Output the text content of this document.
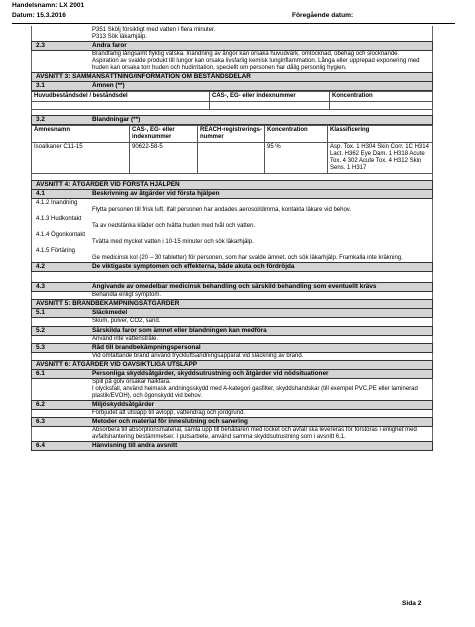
Handelsnamn: LX 2001
Datum: 15.3.2016	Föregående datum:
P351 Skölj försiktigt med vatten i flera minuter.
P313 Sök läkarhjälp.
2.3	Andra faror
Brandfarlig långsamt flyktig vätska. Inandning av ångor kan orsaka huvudvärk, omtöcknad, obehag och slocknande. Aspiration av svalde produkt till lungor kan orsaka livsfarlig kemisk lunginflammation. Långa eller upprepad exponering med huden kan orsaka torr huden och hudirritation, speciellt om personen har dålig personlig hygien.
AVSNITT 3: SAMMANSÄTTNING/INFORMATION OM BESTÅNDSDELAR
3.1	Ämnen (**)
Huvudbeståndsdel / beståndsdel	CAS-, EG- eller indexnummer	Koncentration

3.2	Blandningar (**)
Ämnesnamn	CAS-, EG- eller indexnummer	REACH-registrerings-nummer	Koncentration	Klassificering
Isoalkaner C11-15	90622-58-5		95 %	Asp. Tox. 1 H304 Skin Corr. 1C H314 Lact. H362 Eye Dam. 1 H318 Acute Tox. 4 302 Acute Tox. 4 H312 Skin Sens. 1 H317
AVSNITT 4: ÅTGÄRDER VID FÖRSTA HJÄLPEN
4.1	Beskrivning av åtgärder vid första hjälpen
4.1.2 Inandning
Flytta personen till frisk luft. Ifall personen har andades aerosol/dimma, kontakta läkare vid behov.
4.1.3 Hudkontakt
Ta av nedstänka kläder och tvätta huden med tvål och vatten.
4.1.4 Ögonkontakt
Tvätta med mycket vatten i 10-15 minuter och sök läkarhjälp.
4.1.5 Förtäring
Ge medicinsk kol (20 – 30 tabletter) för personen, som har svalde ämnet, och sök läkarhjälp. Framkalla inte kräkning.
4.2	De viktigaste symptomen och effekterna, både akuta och fördröjda
4.3	Angivande av omedelbar medicinsk behandling och särskild behandling som eventuellt krävs
Behandla enligt symptom.
AVSNITT 5: BRANDBEKÄMPNINGSÅTGÄRDER
5.1	Släckmedel
Skum, pulver, CO2, sand.
5.2	Särskilda faror som ämnet eller blandningen kan medföra
Använd inte vattenstråle.
5.3	Råd till brandbekämpningspersonal
Vid omfattande brand använd tryckluftsandningsapparat vid släckning av brand.
AVSNITT 6: ÅTGÄRDER VID OAVSIKTLIGA UTSLÄPP
6.1	Personliga skyddsåtgärder, skyddsutrustning och åtgärder vid nödsituationer
Spill på golv orsakar halkfara.
I olycksfall, använd heimask andningsskydd med A-kategori gasfilter, skyddshandskar (till exempel PVC,PE eller laminerad plastik/EVOH), och ögonskydd vid behov.
6.2	Miljöskyddsåtgärder
Förbjudet att utsläpp till avlopp, vattendrag och jordgrund.
6.3	Metoder och material för inneslutning och sanering
Absorbera till absorptionsmaterial, samla upp till behållaren med locket och avfall ska levereras för förstöras i enlighet med avfallshantering bestämmelser. I putsarbete, använd samma skyddsutrustning som i avsnitt 6.1.
6.4	Hänvisning till andra avsnitt
Sida 2
